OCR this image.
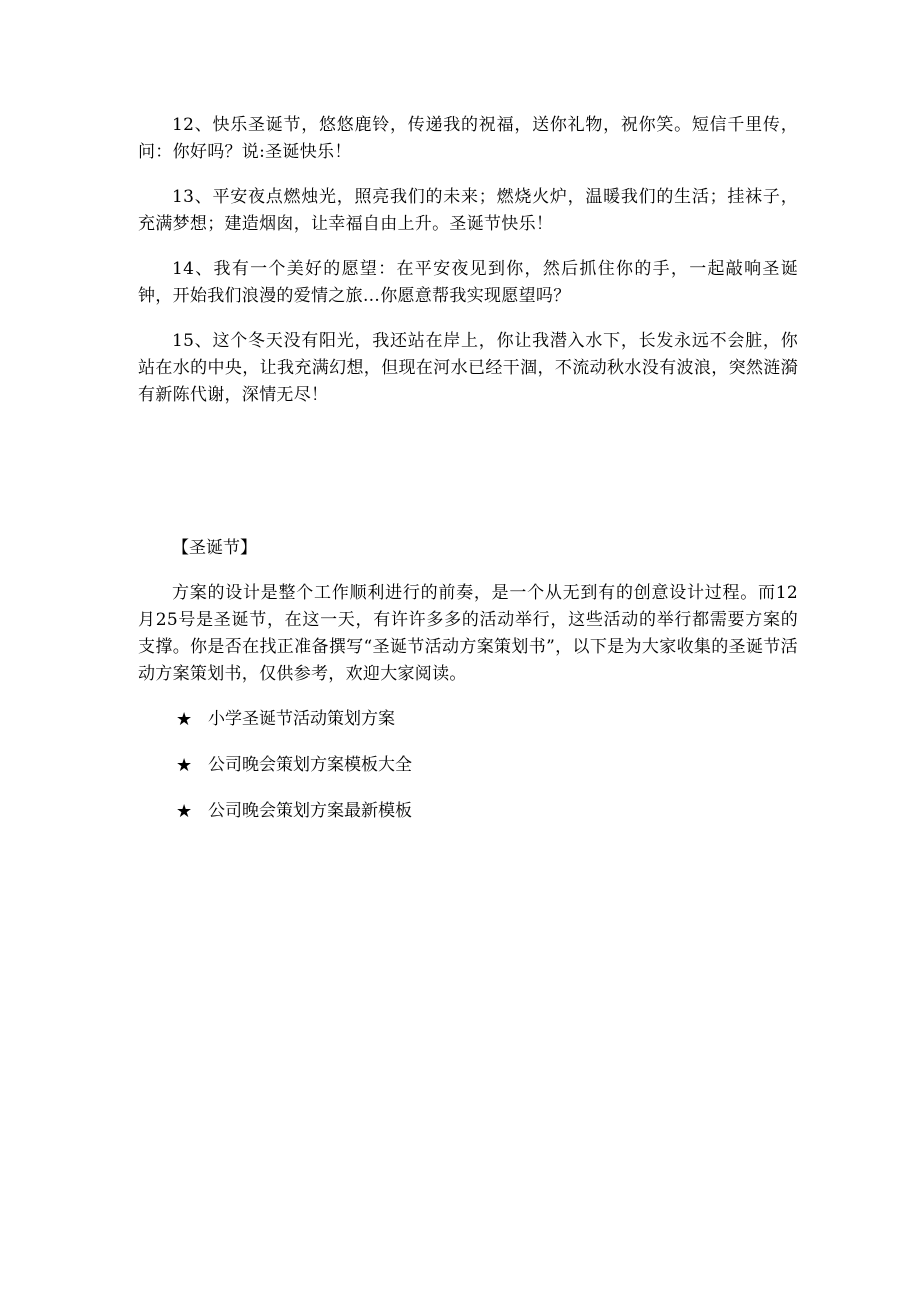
12、快乐圣诞节，悠悠鹿铃，传递我的祝福，送你礼物，祝你笑。短信千里传，问：你好吗？说:圣诞快乐！

13、平安夜点燃烛光，照亮我们的未来；燃烧火炉，温暖我们的生活；挂袜子，充满梦想；建造烟囱，让幸福自由上升。圣诞节快乐！

14、我有一个美好的愿望：在平安夜见到你，然后抓住你的手，一起敲响圣诞钟，开始我们浪漫的爱情之旅…你愿意帮我实现愿望吗？

15、这个冬天没有阳光，我还站在岸上，你让我潜入水下，长发永远不会脏，你站在水的中央，让我充满幻想，但现在河水已经干涸，不流动秋水没有波浪，突然涟漪有新陈代谢，深情无尽！

【圣诞节】

方案的设计是整个工作顺利进行的前奏，是一个从无到有的创意设计过程。而12月25号是圣诞节，在这一天，有许许多多的活动举行，这些活动的举行都需要方案的支撑。你是否在找正准备撰写“圣诞节活动方案策划书”，以下是为大家收集的圣诞节活动方案策划书，仅供参考，欢迎大家阅读。

★ 小学圣诞节活动策划方案
★ 公司晚会策划方案模板大全
★ 公司晚会策划方案最新模板
